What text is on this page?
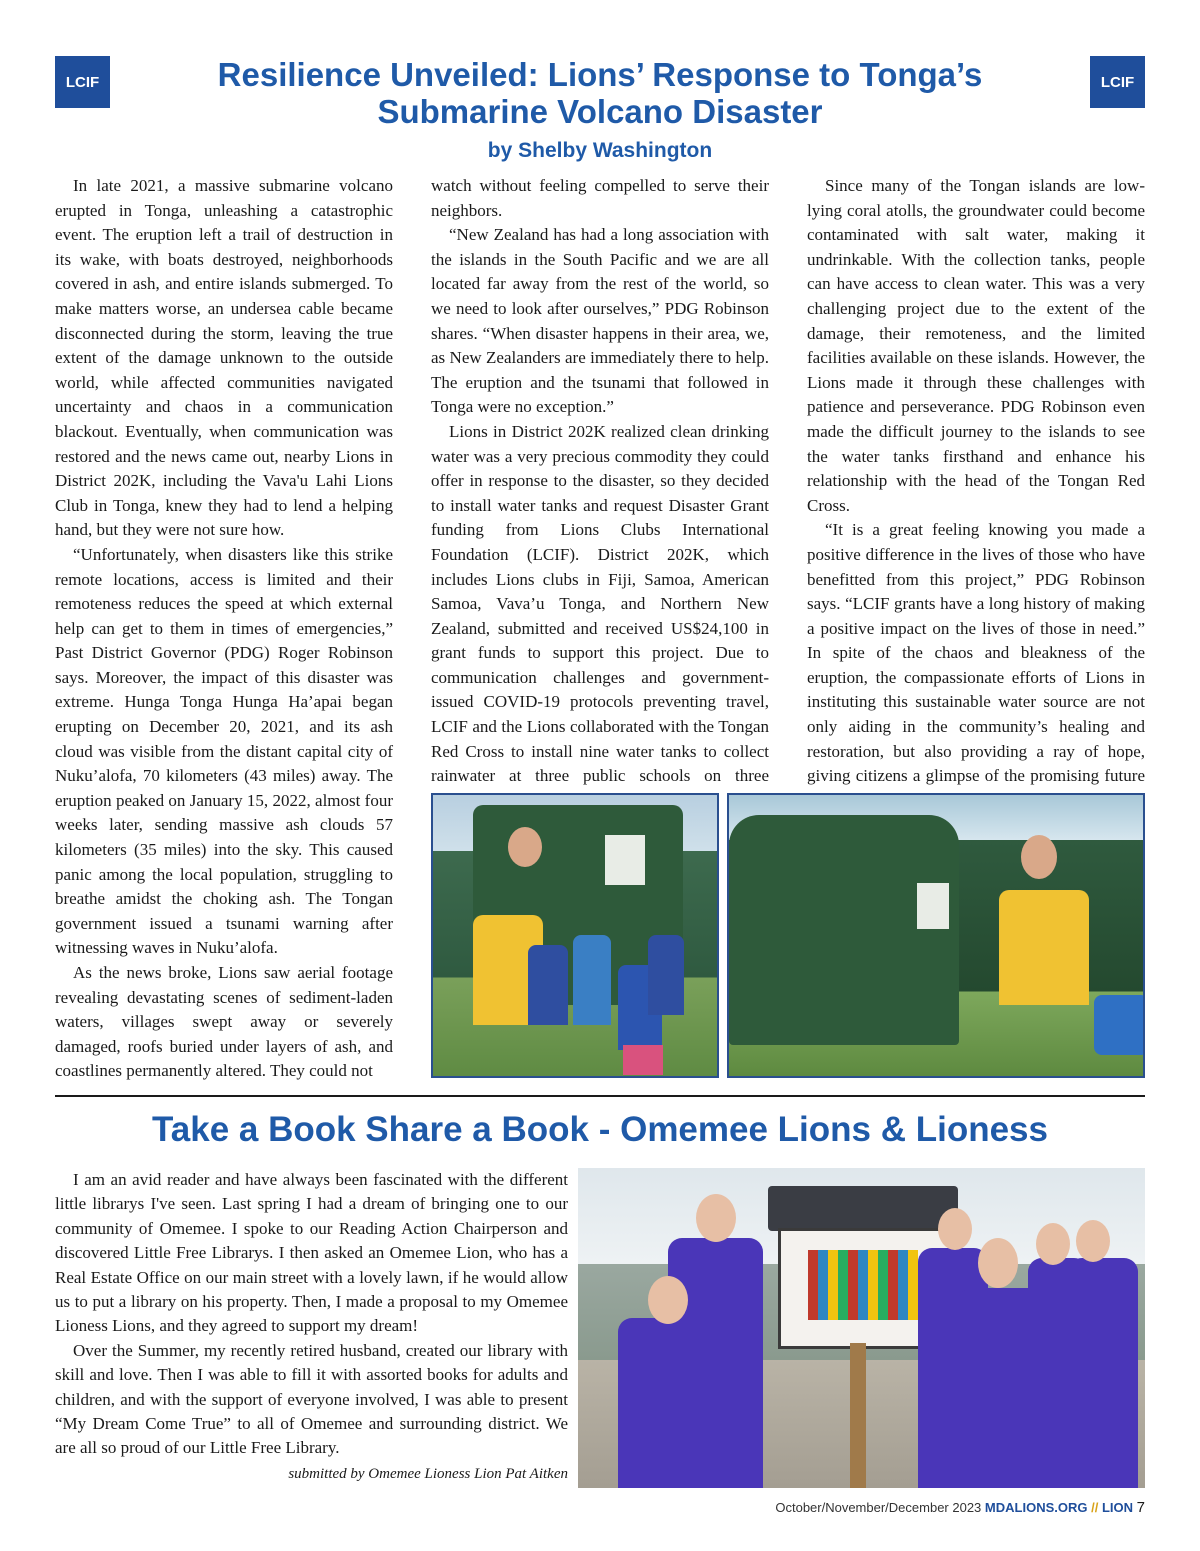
LCIF	LCIF
Resilience Unveiled: Lions’ Response to Tonga’s
Submarine Volcano Disaster
by Shelby Washington

In late 2021, a massive submarine volcano erupted in Tonga, unleashing a catastrophic event. The eruption left a trail of destruction in its wake, with boats destroyed, neighborhoods covered in ash, and entire islands submerged. To make matters worse, an undersea cable became disconnected during the storm, leaving the true extent of the damage unknown to the outside world, while affected communities navigated uncertainty and chaos in a communication blackout. Eventually, when communication was restored and the news came out, nearby Lions in District 202K, including the Vava'u Lahi Lions Club in Tonga, knew they had to lend a helping hand, but they were not sure how.

“Unfortunately, when disasters like this strike remote locations, access is limited and their remoteness reduces the speed at which external help can get to them in times of emergencies,” Past District Governor (PDG) Roger Robinson says. Moreover, the impact of this disaster was extreme. Hunga Tonga Hunga Ha’apai began erupting on December 20, 2021, and its ash cloud was visible from the distant capital city of Nuku’alofa, 70 kilometers (43 miles) away. The eruption peaked on January 15, 2022, almost four weeks later, sending massive ash clouds 57 kilometers (35 miles) into the sky. This caused panic among the local population, struggling to breathe amidst the choking ash. The Tongan government issued a tsunami warning after witnessing waves in Nuku’alofa.

As the news broke, Lions saw aerial footage revealing devastating scenes of sediment-laden waters, villages swept away or severely damaged, roofs buried under layers of ash, and coastlines permanently altered. They could not

watch without feeling compelled to serve their neighbors.

“New Zealand has had a long association with the islands in the South Pacific and we are all located far away from the rest of the world, so we need to look after ourselves,” PDG Robinson shares. “When disaster happens in their area, we, as New Zealanders are immediately there to help. The eruption and the tsunami that followed in Tonga were no exception.”

Lions in District 202K realized clean drinking water was a very precious commodity they could offer in response to the disaster, so they decided to install water tanks and request Disaster Grant funding from Lions Clubs International Foundation (LCIF). District 202K, which includes Lions clubs in Fiji, Samoa, American Samoa, Vava’u Tonga, and Northern New Zealand, submitted and received US$24,100 in grant funds to support this project. Due to communication challenges and government-issued COVID-19 protocols preventing travel, LCIF and the Lions collaborated with the Tongan Red Cross to install nine water tanks to collect rainwater at three public schools on three

Since many of the Tongan islands are low-lying coral atolls, the groundwater could become contaminated with salt water, making it undrinkable. With the collection tanks, people can have access to clean water. This was a very challenging project due to the extent of the damage, their remoteness, and the limited facilities available on these islands. However, the Lions made it through these challenges with patience and perseverance. PDG Robinson even made the difficult journey to the islands to see the water tanks firsthand and enhance his relationship with the head of the Tongan Red Cross.

“It is a great feeling knowing you made a positive difference in the lives of those who have benefitted from this project,” PDG Robinson says. “LCIF grants have a long history of making a positive impact on the lives of those in need.” In spite of the chaos and bleakness of the eruption, the compassionate efforts of Lions in instituting this sustainable water source are not only aiding in the community’s healing and restoration, but also providing a ray of hope, giving citizens a glimpse of the promising future

Take a Book Share a Book - Omemee Lions & Lioness

I am an avid reader and have always been fascinated with the different little librarys I've seen. Last spring I had a dream of bringing one to our community of Omemee. I spoke to our Reading Action Chairperson and discovered Little Free Librarys. I then asked an Omemee Lion, who has a Real Estate Office on our main street with a lovely lawn, if he would allow us to put a library on his property. Then, I made a proposal to my Omemee Lioness Lions, and they agreed to support my dream!

Over the Summer, my recently retired husband, created our library with skill and love. Then I was able to fill it with assorted books for adults and children, and with the support of everyone involved, I was able to present “My Dream Come True” to all of Omemee and surrounding district. We are all so proud of our Little Free Library.

submitted by Omemee Lioness Lion Pat Aitken
October/November/December 2023 MDALIONS.ORG // LION 7
